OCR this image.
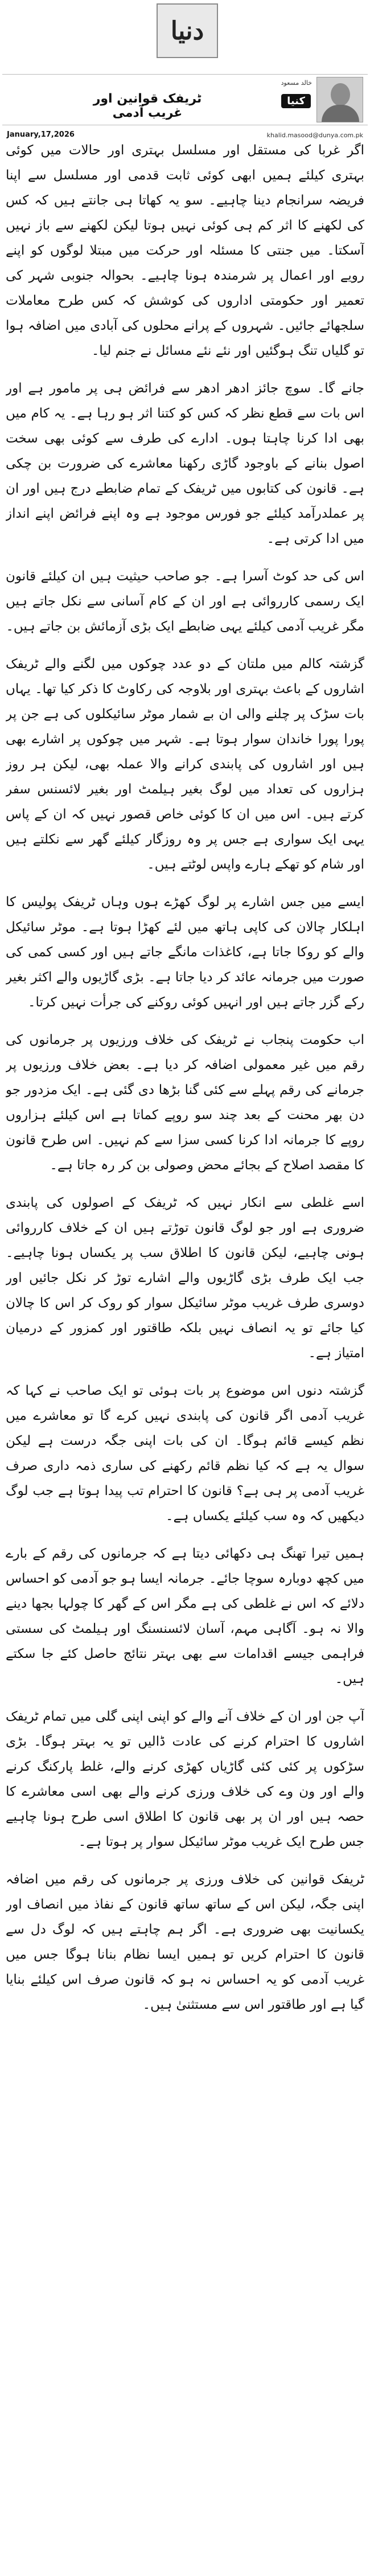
دنیا
خالد مسعود
کنیا
ٹریفک قوانین اور غریب آدمی
January,17,2026	khalid.masood@dunya.com.pk

اگر غربا کی مستقل اور مسلسل بہتری اور حالات میں کوئی بہتری کیلئے ہمیں ابھی کوئی ثابت قدمی اور مسلسل سے اپنا فریضہ سرانجام دینا چاہیے۔ سو یہ کھاتا ہی جانتے ہیں کہ کس کی لکھنے کا اثر کم ہی کوئی نہیں ہوتا لیکن لکھنے سے باز نہیں آسکتا۔ میں جنتی کا مسئلہ اور حرکت میں مبتلا لوگوں کو اپنے رویے اور اعمال پر شرمندہ ہونا چاہیے۔ بحوالہ جنوبی شہر کی تعمیر اور حکومتی اداروں کی کوشش کہ کس طرح معاملات سلجھائے جائیں۔ شہروں کے پرانے محلوں کی آبادی میں اضافہ ہوا تو گلیاں تنگ ہوگئیں اور نئے نئے مسائل نے جنم لیا۔

جانے گا۔ سوچ جائز ادھر ادھر سے فرائض ہی پر مامور ہے اور اس بات سے قطع نظر کہ کس کو کتنا اثر ہو رہا ہے۔ یہ کام میں بھی ادا کرنا چاہتا ہوں۔ ادارے کی طرف سے کوئی بھی سخت اصول بنانے کے باوجود گاڑی رکھنا معاشرے کی ضرورت بن چکی ہے۔ قانون کی کتابوں میں ٹریفک کے تمام ضابطے درج ہیں اور ان پر عملدرآمد کیلئے جو فورس موجود ہے وہ اپنے فرائض اپنے انداز میں ادا کرتی ہے۔

اس کی حد کوٹ آسرا ہے۔ جو صاحب حیثیت ہیں ان کیلئے قانون ایک رسمی کارروائی ہے اور ان کے کام آسانی سے نکل جاتے ہیں مگر غریب آدمی کیلئے یہی ضابطے ایک بڑی آزمائش بن جاتے ہیں۔

گزشتہ کالم میں ملتان کے دو عدد چوکوں میں لگنے والے ٹریفک اشاروں کے باعث بہتری اور بلاوجہ کی رکاوٹ کا ذکر کیا تھا۔ یہاں بات سڑک پر چلنے والی ان بے شمار موٹر سائیکلوں کی ہے جن پر پورا پورا خاندان سوار ہوتا ہے۔ شہر میں چوکوں پر اشارے بھی ہیں اور اشاروں کی پابندی کرانے والا عملہ بھی، لیکن ہر روز ہزاروں کی تعداد میں لوگ بغیر ہیلمٹ اور بغیر لائسنس سفر کرتے ہیں۔ اس میں ان کا کوئی خاص قصور نہیں کہ ان کے پاس یہی ایک سواری ہے جس پر وہ روزگار کیلئے گھر سے نکلتے ہیں اور شام کو تھکے ہارے واپس لوٹتے ہیں۔

ایسے میں جس اشارے پر لوگ کھڑے ہوں وہاں ٹریفک پولیس کا اہلکار چالان کی کاپی ہاتھ میں لئے کھڑا ہوتا ہے۔ موٹر سائیکل والے کو روکا جاتا ہے، کاغذات مانگے جاتے ہیں اور کسی کمی کی صورت میں جرمانہ عائد کر دیا جاتا ہے۔ بڑی گاڑیوں والے اکثر بغیر رکے گزر جاتے ہیں اور انہیں کوئی روکنے کی جرأت نہیں کرتا۔

اب حکومت پنجاب نے ٹریفک کی خلاف ورزیوں پر جرمانوں کی رقم میں غیر معمولی اضافہ کر دیا ہے۔ بعض خلاف ورزیوں پر جرمانے کی رقم پہلے سے کئی گنا بڑھا دی گئی ہے۔ ایک مزدور جو دن بھر محنت کے بعد چند سو روپے کماتا ہے اس کیلئے ہزاروں روپے کا جرمانہ ادا کرنا کسی سزا سے کم نہیں۔ اس طرح قانون کا مقصد اصلاح کے بجائے محض وصولی بن کر رہ جاتا ہے۔

اسے غلطی سے انکار نہیں کہ ٹریفک کے اصولوں کی پابندی ضروری ہے اور جو لوگ قانون توڑتے ہیں ان کے خلاف کارروائی ہونی چاہیے، لیکن قانون کا اطلاق سب پر یکساں ہونا چاہیے۔ جب ایک طرف بڑی گاڑیوں والے اشارے توڑ کر نکل جائیں اور دوسری طرف غریب موٹر سائیکل سوار کو روک کر اس کا چالان کیا جائے تو یہ انصاف نہیں بلکہ طاقتور اور کمزور کے درمیان امتیاز ہے۔

گزشتہ دنوں اس موضوع پر بات ہوئی تو ایک صاحب نے کہا کہ غریب آدمی اگر قانون کی پابندی نہیں کرے گا تو معاشرے میں نظم کیسے قائم ہوگا۔ ان کی بات اپنی جگہ درست ہے لیکن سوال یہ ہے کہ کیا نظم قائم رکھنے کی ساری ذمہ داری صرف غریب آدمی پر ہی ہے؟ قانون کا احترام تب پیدا ہوتا ہے جب لوگ دیکھیں کہ وہ سب کیلئے یکساں ہے۔

ہمیں تیرا تھنگ ہی دکھائی دیتا ہے کہ جرمانوں کی رقم کے بارے میں کچھ دوبارہ سوچا جائے۔ جرمانہ ایسا ہو جو آدمی کو احساس دلائے کہ اس نے غلطی کی ہے مگر اس کے گھر کا چولہا بجھا دینے والا نہ ہو۔ آگاہی مہم، آسان لائسنسنگ اور ہیلمٹ کی سستی فراہمی جیسے اقدامات سے بھی بہتر نتائج حاصل کئے جا سکتے ہیں۔

آپ جن اور ان کے خلاف آنے والے کو اپنی اپنی گلی میں تمام ٹریفک اشاروں کا احترام کرنے کی عادت ڈالیں تو یہ بہتر ہوگا۔ بڑی سڑکوں پر کئی کئی گاڑیاں کھڑی کرنے والے، غلط پارکنگ کرنے والے اور ون وے کی خلاف ورزی کرنے والے بھی اسی معاشرے کا حصہ ہیں اور ان پر بھی قانون کا اطلاق اسی طرح ہونا چاہیے جس طرح ایک غریب موٹر سائیکل سوار پر ہوتا ہے۔

ٹریفک قوانین کی خلاف ورزی پر جرمانوں کی رقم میں اضافہ اپنی جگہ، لیکن اس کے ساتھ ساتھ قانون کے نفاذ میں انصاف اور یکسانیت بھی ضروری ہے۔ اگر ہم چاہتے ہیں کہ لوگ دل سے قانون کا احترام کریں تو ہمیں ایسا نظام بنانا ہوگا جس میں غریب آدمی کو یہ احساس نہ ہو کہ قانون صرف اس کیلئے بنایا گیا ہے اور طاقتور اس سے مستثنیٰ ہیں۔
